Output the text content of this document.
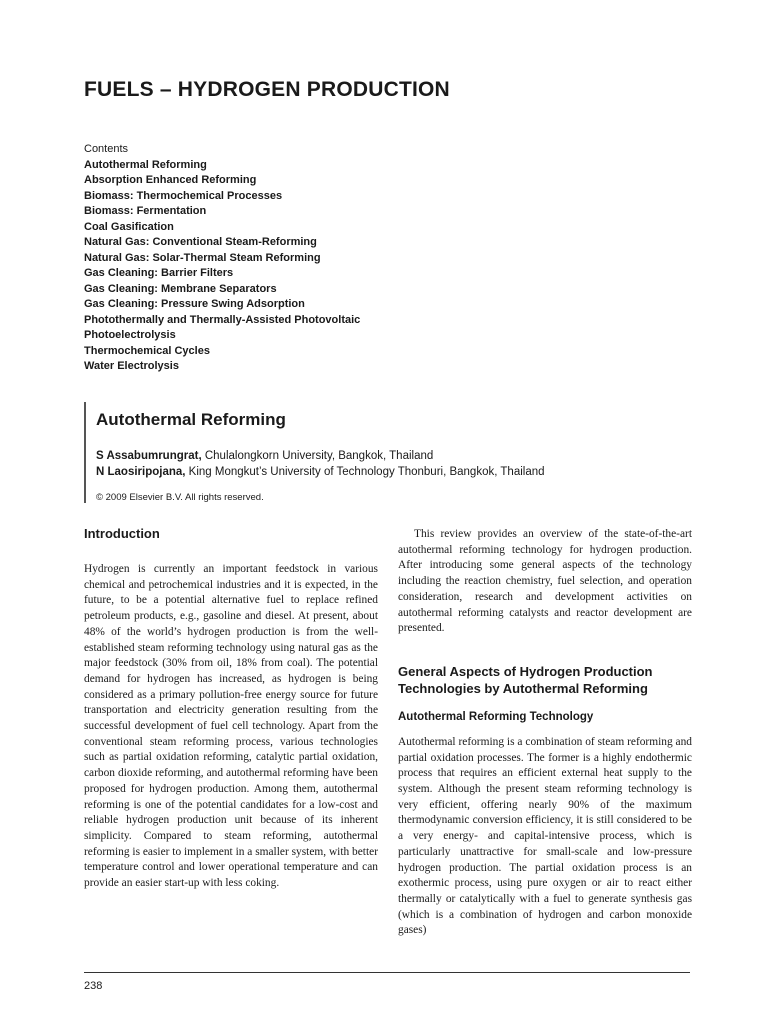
FUELS – HYDROGEN PRODUCTION
Contents
Autothermal Reforming
Absorption Enhanced Reforming
Biomass: Thermochemical Processes
Biomass: Fermentation
Coal Gasification
Natural Gas: Conventional Steam-Reforming
Natural Gas: Solar-Thermal Steam Reforming
Gas Cleaning: Barrier Filters
Gas Cleaning: Membrane Separators
Gas Cleaning: Pressure Swing Adsorption
Photothermally and Thermally-Assisted Photovoltaic
Photoelectrolysis
Thermochemical Cycles
Water Electrolysis
Autothermal Reforming
S Assabumrungrat, Chulalongkorn University, Bangkok, Thailand
N Laosiripojana, King Mongkut’s University of Technology Thonburi, Bangkok, Thailand
© 2009 Elsevier B.V. All rights reserved.
Introduction

Hydrogen is currently an important feedstock in various chemical and petrochemical industries and it is expected, in the future, to be a potential alternative fuel to replace refined petroleum products, e.g., gasoline and diesel. At present, about 48% of the world’s hydrogen production is from the well-established steam reforming technology using natural gas as the major feedstock (30% from oil, 18% from coal). The potential demand for hydrogen has increased, as hydrogen is being considered as a primary pollution-free energy source for future transportation and electricity generation resulting from the successful development of fuel cell technology. Apart from the conventional steam reforming process, various technologies such as partial oxidation reforming, catalytic partial oxidation, carbon dioxide reforming, and autothermal reforming have been proposed for hydrogen production. Among them, autothermal reforming is one of the potential candidates for a low-cost and reliable hydrogen production unit because of its inherent simplicity. Compared to steam reforming, autothermal reforming is easier to implement in a smaller system, with better temperature control and lower operational temperature and can provide an easier start-up with less coking.

This review provides an overview of the state-of-the-art autothermal reforming technology for hydrogen production. After introducing some general aspects of the technology including the reaction chemistry, fuel selection, and operation consideration, research and development activities on autothermal reforming catalysts and reactor development are presented.

General Aspects of Hydrogen Production Technologies by Autothermal Reforming
Autothermal Reforming Technology

Autothermal reforming is a combination of steam reforming and partial oxidation processes. The former is a highly endothermic process that requires an efficient external heat supply to the system. Although the present steam reforming technology is very efficient, offering nearly 90% of the maximum thermodynamic conversion efficiency, it is still considered to be a very energy- and capital-intensive process, which is particularly unattractive for small-scale and low-pressure hydrogen production. The partial oxidation process is an exothermic process, using pure oxygen or air to react either thermally or catalytically with a fuel to generate synthesis gas (which is a combination of hydrogen and carbon monoxide gases)

238
